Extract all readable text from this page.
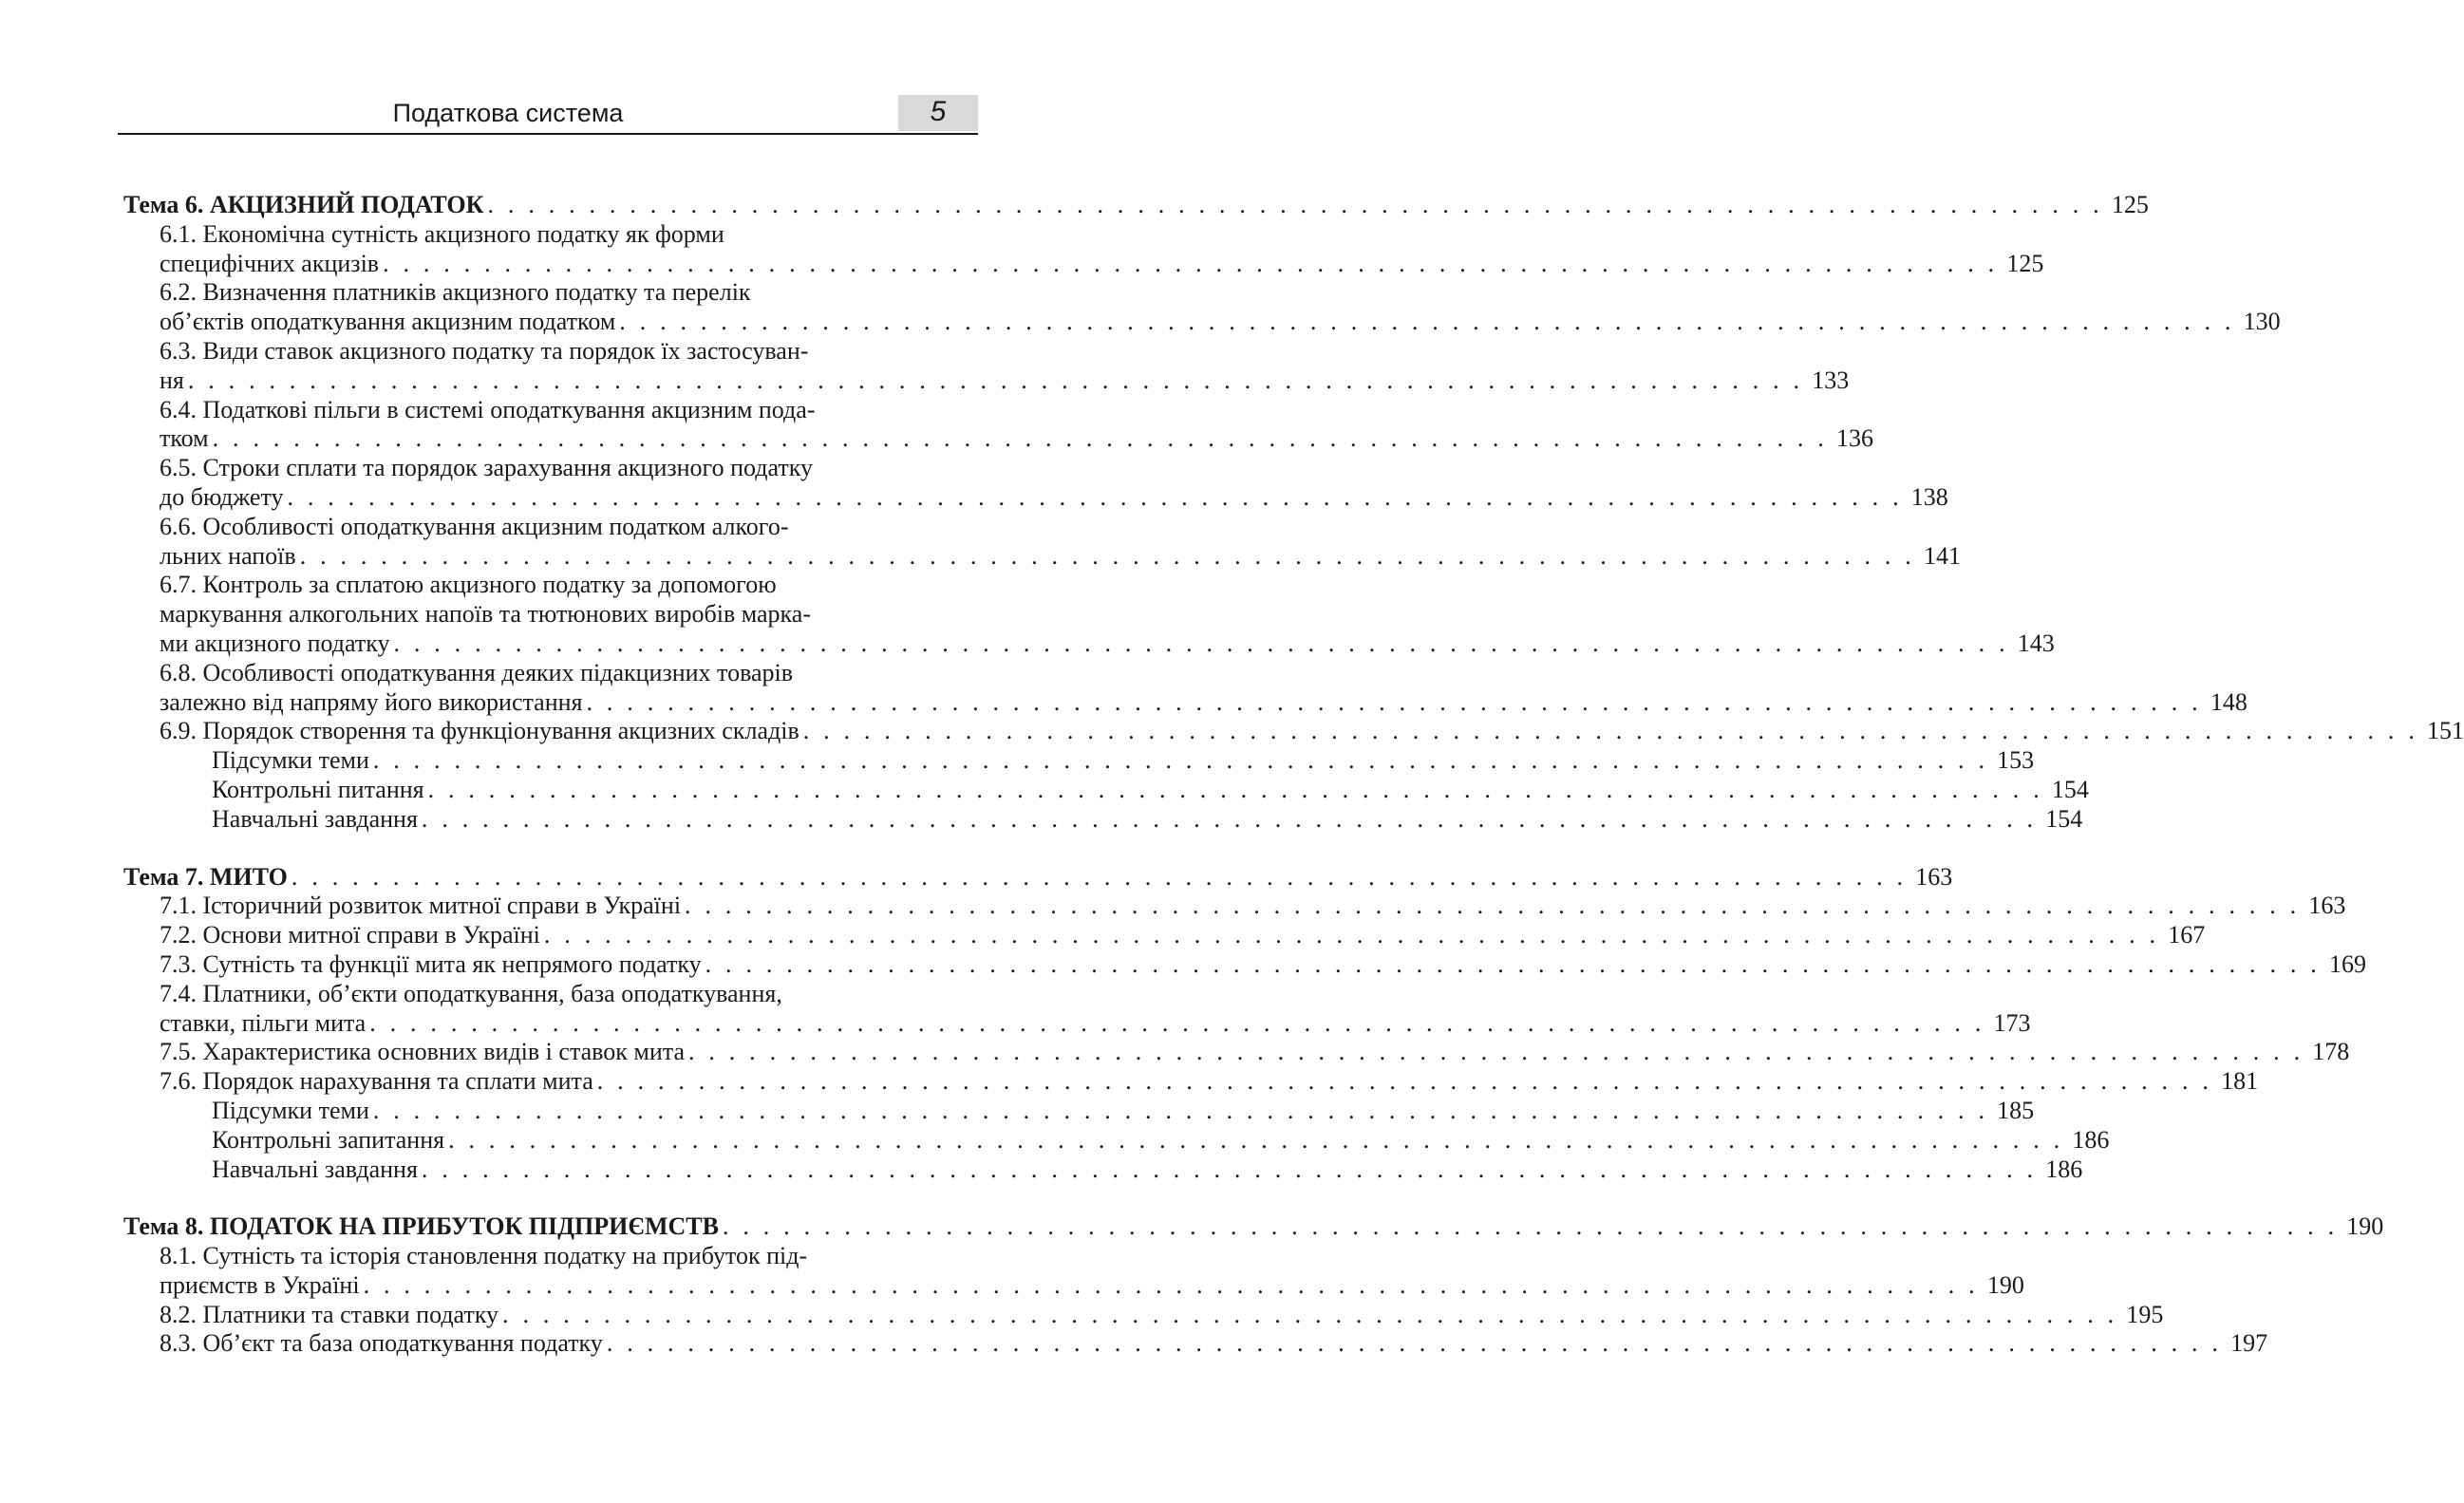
Податкова система	5
Тема 6. АКЦИЗНИЙ ПОДАТОК . . . . . . . . . . . . . . . . . . . . . . . . . . . . . . . . . . . . . . . . . . . . . . . . . . . . . . . . . . . . . . . . . . . . . . . . . . . . . . . . 125
6.1. Економічна сутність акцизного податку як форми
специфічних акцизів . . . . . . . . . . . . . . . . . . . . . . . . . . . . . . . . . . . . . . . . . . . . . . . . . . . . . . . . . . . . . . . . . . . . . . . . . . . . . . . . 125
6.2. Визначення платників акцизного податку та перелік
об’єктів оподаткування акцизним податком . . . . . . . . . . . . . . . . . . . . . . . . . . . . . . . . . . . . . . . . . . . . . . . . . . . . . . . . . . . . . . . . . . . . . . . . . . . . . . . . 130
6.3. Види ставок акцизного податку та порядок їх застосуван-
ня . . . . . . . . . . . . . . . . . . . . . . . . . . . . . . . . . . . . . . . . . . . . . . . . . . . . . . . . . . . . . . . . . . . . . . . . . . . . . . . . 133
6.4. Податкові пільги в системі оподаткування акцизним пода-
тком . . . . . . . . . . . . . . . . . . . . . . . . . . . . . . . . . . . . . . . . . . . . . . . . . . . . . . . . . . . . . . . . . . . . . . . . . . . . . . . . 136
6.5. Строки сплати та порядок зарахування акцизного податку
до бюджету . . . . . . . . . . . . . . . . . . . . . . . . . . . . . . . . . . . . . . . . . . . . . . . . . . . . . . . . . . . . . . . . . . . . . . . . . . . . . . . . 138
6.6. Особливості оподаткування акцизним податком алкого-
льних напоїв . . . . . . . . . . . . . . . . . . . . . . . . . . . . . . . . . . . . . . . . . . . . . . . . . . . . . . . . . . . . . . . . . . . . . . . . . . . . . . . . 141
6.7. Контроль за сплатою акцизного податку за допомогою
маркування алкогольних напоїв та тютюнових виробів марка-
ми акцизного податку . . . . . . . . . . . . . . . . . . . . . . . . . . . . . . . . . . . . . . . . . . . . . . . . . . . . . . . . . . . . . . . . . . . . . . . . . . . . . . . . 143
6.8. Особливості оподаткування деяких підакцизних товарів
залежно від напряму його використання . . . . . . . . . . . . . . . . . . . . . . . . . . . . . . . . . . . . . . . . . . . . . . . . . . . . . . . . . . . . . . . . . . . . . . . . . . . . . . . . 148
6.9. Порядок створення та функціонування акцизних складів . . . . . . . . . . . . . . . . . . . . . . . . . . . . . . . . . . . . . . . . . . . . . . . . . . . . . . . . . . . . . . . . . . . . . . . . . . . . . . . . 151
Підсумки теми . . . . . . . . . . . . . . . . . . . . . . . . . . . . . . . . . . . . . . . . . . . . . . . . . . . . . . . . . . . . . . . . . . . . . . . . . . . . . . . . 153
Контрольні питання . . . . . . . . . . . . . . . . . . . . . . . . . . . . . . . . . . . . . . . . . . . . . . . . . . . . . . . . . . . . . . . . . . . . . . . . . . . . . . . . 154
Навчальні завдання . . . . . . . . . . . . . . . . . . . . . . . . . . . . . . . . . . . . . . . . . . . . . . . . . . . . . . . . . . . . . . . . . . . . . . . . . . . . . . . . 154
Тема 7. МИТО . . . . . . . . . . . . . . . . . . . . . . . . . . . . . . . . . . . . . . . . . . . . . . . . . . . . . . . . . . . . . . . . . . . . . . . . . . . . . . . . 163
7.1. Історичний розвиток митної справи в Україні . . . . . . . . . . . . . . . . . . . . . . . . . . . . . . . . . . . . . . . . . . . . . . . . . . . . . . . . . . . . . . . . . . . . . . . . . . . . . . . . 163
7.2. Основи митної справи в Україні . . . . . . . . . . . . . . . . . . . . . . . . . . . . . . . . . . . . . . . . . . . . . . . . . . . . . . . . . . . . . . . . . . . . . . . . . . . . . . . . 167
7.3. Сутність та функції мита як непрямого податку . . . . . . . . . . . . . . . . . . . . . . . . . . . . . . . . . . . . . . . . . . . . . . . . . . . . . . . . . . . . . . . . . . . . . . . . . . . . . . . . 169
7.4. Платники, об’єкти оподаткування, база оподаткування,
ставки, пільги мита . . . . . . . . . . . . . . . . . . . . . . . . . . . . . . . . . . . . . . . . . . . . . . . . . . . . . . . . . . . . . . . . . . . . . . . . . . . . . . . . 173
7.5. Характеристика основних видів і ставок мита . . . . . . . . . . . . . . . . . . . . . . . . . . . . . . . . . . . . . . . . . . . . . . . . . . . . . . . . . . . . . . . . . . . . . . . . . . . . . . . . 178
7.6. Порядок нарахування та сплати мита . . . . . . . . . . . . . . . . . . . . . . . . . . . . . . . . . . . . . . . . . . . . . . . . . . . . . . . . . . . . . . . . . . . . . . . . . . . . . . . . 181
Підсумки теми . . . . . . . . . . . . . . . . . . . . . . . . . . . . . . . . . . . . . . . . . . . . . . . . . . . . . . . . . . . . . . . . . . . . . . . . . . . . . . . . 185
Контрольні запитання . . . . . . . . . . . . . . . . . . . . . . . . . . . . . . . . . . . . . . . . . . . . . . . . . . . . . . . . . . . . . . . . . . . . . . . . . . . . . . . . 186
Навчальні завдання . . . . . . . . . . . . . . . . . . . . . . . . . . . . . . . . . . . . . . . . . . . . . . . . . . . . . . . . . . . . . . . . . . . . . . . . . . . . . . . . 186
Тема 8. ПОДАТОК НА ПРИБУТОК ПІДПРИЄМСТВ . . . . . . . . . . . . . . . . . . . . . . . . . . . . . . . . . . . . . . . . . . . . . . . . . . . . . . . . . . . . . . . . . . . . . . . . . . . . . . . . 190
8.1. Сутність та історія становлення податку на прибуток під-
приємств в Україні . . . . . . . . . . . . . . . . . . . . . . . . . . . . . . . . . . . . . . . . . . . . . . . . . . . . . . . . . . . . . . . . . . . . . . . . . . . . . . . . 190
8.2. Платники та ставки податку . . . . . . . . . . . . . . . . . . . . . . . . . . . . . . . . . . . . . . . . . . . . . . . . . . . . . . . . . . . . . . . . . . . . . . . . . . . . . . . . 195
8.3. Об’єкт та база оподаткування податку . . . . . . . . . . . . . . . . . . . . . . . . . . . . . . . . . . . . . . . . . . . . . . . . . . . . . . . . . . . . . . . . . . . . . . . . . . . . . . . . 197
